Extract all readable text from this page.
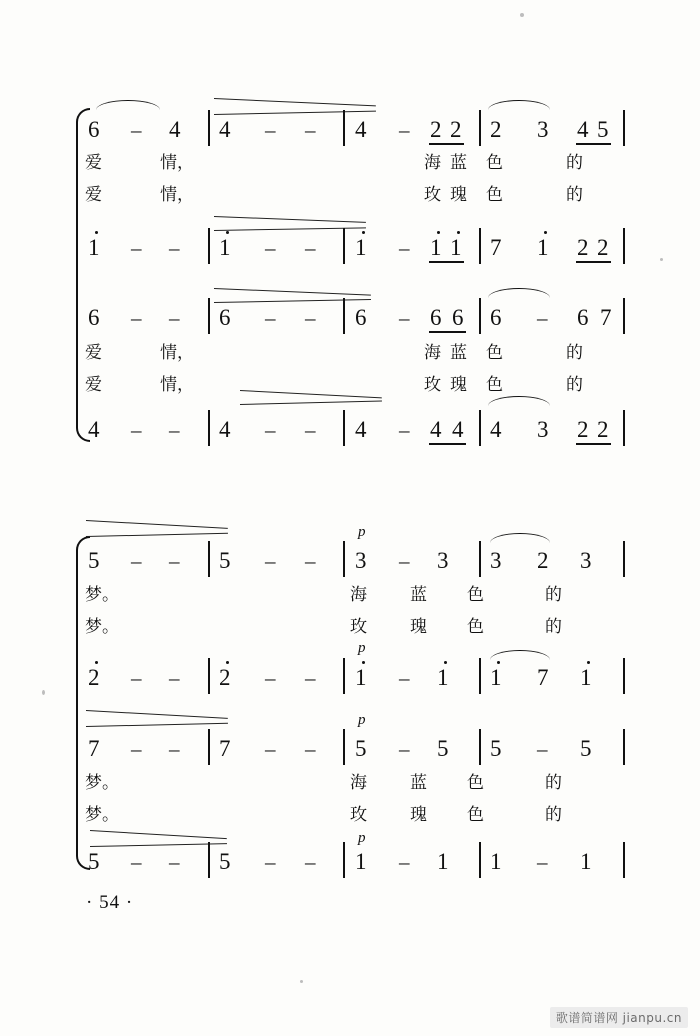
6 – 4 4 – – 4 – 2 2 2 3 4 5
爱	情，	海 蓝 色	的
爱	情，	玫 瑰 色	的
1 – – 1 – – 1 – 1 1 7 1 2 2
6 – – 6 – – 6 – 6 6 6 – 6 7
爱	情，	海 蓝 色	的
爱	情，	玫 瑰 色	的
4 – – 4 – – 4 – 4 4 4 3 2 2
p
5 – – 5 – – 3 – 3 3 2 3
梦。	海	蓝 色	的
梦。	玫	瑰 色	的
p
2 – – 2 – – 1 – 1 1 7 1
p
7 – – 7 – – 5 – 5 5 – 5
梦。	海	蓝 色	的
梦。	玫	瑰 色	的
p
5 – – 5 – – 1 – 1 1 – 1
· 54 ·
歌谱简谱网 jianpu.cn
